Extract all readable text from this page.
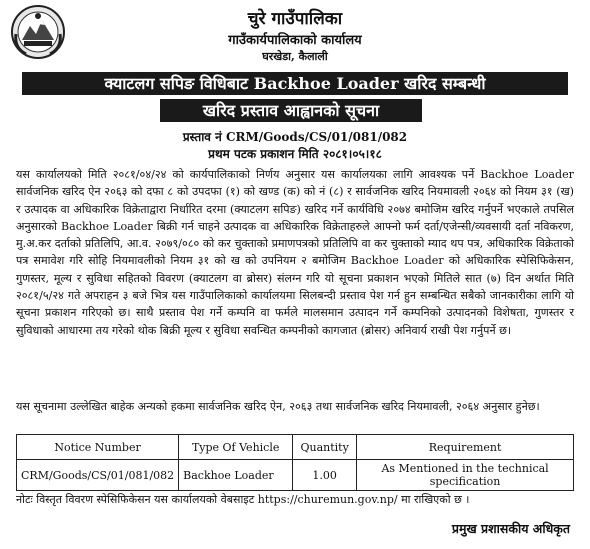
चुरे गाउँपालिका
गाउँकार्यपालिकाको कार्यालय
घरखेडा, कैलाली
क्याटलग सपिङ विधिबाट Backhoe Loader खरिद सम्बन्धी
खरिद प्रस्ताव आह्वानको सूचना
प्रस्ताव नं CRM/Goods/CS/01/081/082
प्रथम पटक प्रकाशन मिति २०८१।०५।१८

यस कार्यालयको मिति २०८१/०४/२४ को कार्यपालिकाको निर्णय अनुसार यस कार्यालयका लागि आवश्यक पर्ने Backhoe Loader सार्वजनिक खरिद ऐन २०६३ को दफा ८ को उपदफा (१) को खण्ड (क) को नं (८) र सार्वजनिक खरिद नियमावली २०६४ को नियम ३१ (ख) र उत्पादक वा अधिकारिक विक्रेताद्वारा निर्धारित दरमा (क्याटलग सपिङ) खरिद गर्ने कार्यविधि २०७४ बमोजिम खरिद गर्नुपर्ने भएकाले तपसिल अनुसारको Backhoe Loader बिक्री गर्न चाहने उत्पादक वा अधिकारिक विक्रेताहरुले आफ्नो फर्म दर्ता/एजेन्सी/व्यवसायी दर्ता नविकरण, मु.अ.कर दर्ताको प्रतिलिपि, आ.व. २०७९/०८० को कर चुक्ताको प्रमाणपत्रको प्रतिलिपि वा कर चुक्ताको म्याद थप पत्र, अधिकारिक विक्रेताको पत्र समावेश गरि सोहि नियमावलीको नियम ३१ को ख को उपनियम २ बमोजिम Backhoe Loader को अधिकारिक स्पेसिफिकेसन, गुणस्तर, मूल्य र सुविधा सहितको विवरण (क्याटलग वा ब्रोसर) संलग्न गरि यो सूचना प्रकाशन भएको मितिले सात (७) दिन अर्थात मिति २०८१/५/२४ गते अपराहन ३ बजे भित्र यस गाउँपालिकाको कार्यालयमा सिलबन्दी प्रस्ताव पेश गर्न हुन सम्बन्धित सबैको जानकारीका लागि यो सूचना प्रकाशन गरिएको छ। साथै प्रस्ताव पेश गर्ने कम्पनि वा फर्मले मालसमान उत्पादन गर्ने कम्पनिको उत्पादनको विशेषता, गुणस्तर र सुविधाको आधारमा तय गरेको थोक बिक्री मूल्य र सुविधा सवन्धित कम्पनीको कागजात (ब्रोसर) अनिवार्य राखी पेश गर्नुपर्ने छ।

यस सूचनामा उल्लेखित बाहेक अन्यको हकमा सार्वजनिक खरिद ऐन, २०६३ तथा सार्वजनिक खरिद नियमावली, २०६४ अनुसार हुनेछ।

Notice Number	Type Of Vehicle	Quantity	Requirement
CRM/Goods/CS/01/081/082	Backhoe Loader	1.00	As Mentioned in the technical specification
नोटः विस्तृत विवरण स्पेसिफिकेसन यस कार्यालयको वेबसाइट https://churemun.gov.np/ मा राखिएको छ ।
प्रमुख प्रशासकीय अधिकृत
